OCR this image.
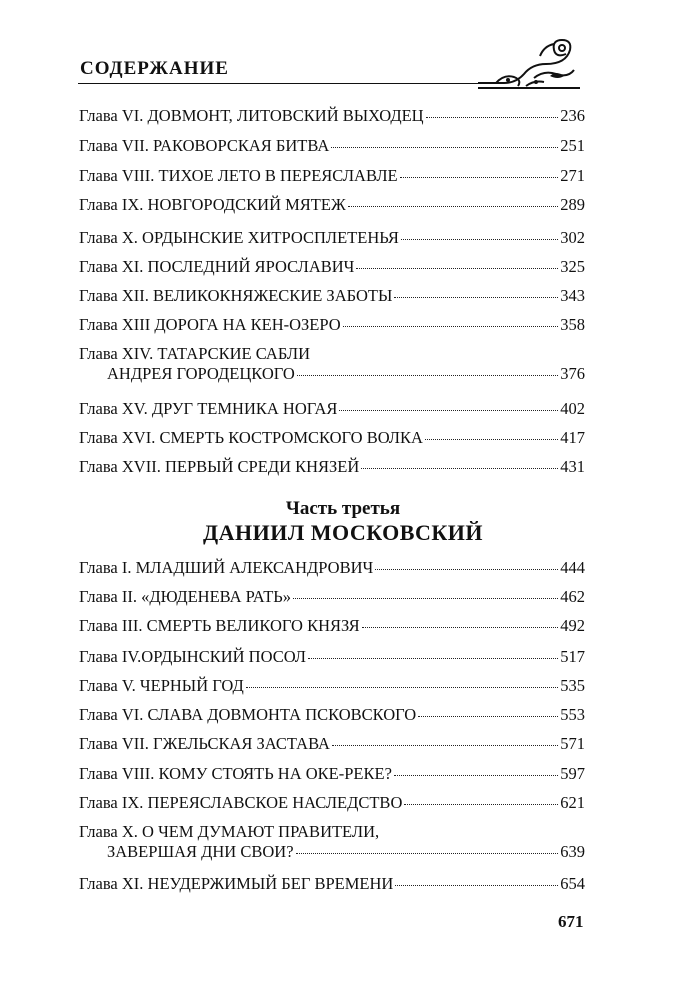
СОДЕРЖАНИЕ
Глава VI. ДОВМОНТ, ЛИТОВСКИЙ ВЫХОДЕЦ	236
Глава VII. РАКОВОРСКАЯ БИТВА	251
Глава VIII. ТИХОЕ ЛЕТО В ПЕРЕЯСЛАВЛЕ	271
Глава IX. НОВГОРОДСКИЙ МЯТЕЖ	289
Глава X. ОРДЫНСКИЕ ХИТРОСПЛЕТЕНЬЯ	302
Глава XI. ПОСЛЕДНИЙ ЯРОСЛАВИЧ	325
Глава XII. ВЕЛИКОКНЯЖЕСКИЕ ЗАБОТЫ	343
Глава XIII ДОРОГА НА КЕН-ОЗЕРО	358
Глава XIV. ТАТАРСКИЕ САБЛИ
АНДРЕЯ ГОРОДЕЦКОГО	376
Глава XV. ДРУГ ТЕМНИКА НОГАЯ	402
Глава XVI. СМЕРТЬ КОСТРОМСКОГО ВОЛКА	417
Глава XVII. ПЕРВЫЙ СРЕДИ КНЯЗЕЙ	431
Часть третья
ДАНИИЛ МОСКОВСКИЙ
Глава I. МЛАДШИЙ АЛЕКСАНДРОВИЧ	444
Глава II. «ДЮДЕНЕВА РАТЬ»	462
Глава III. СМЕРТЬ ВЕЛИКОГО КНЯЗЯ	492
Глава IV.ОРДЫНСКИЙ ПОСОЛ	517
Глава V. ЧЕРНЫЙ ГОД	535
Глава VI. СЛАВА ДОВМОНТА ПСКОВСКОГО	553
Глава VII. ГЖЕЛЬСКАЯ ЗАСТАВА	571
Глава VIII. КОМУ СТОЯТЬ НА ОКЕ-РЕКЕ?	597
Глава IX. ПЕРЕЯСЛАВСКОЕ НАСЛЕДСТВО	621
Глава X. О ЧЕМ ДУМАЮТ ПРАВИТЕЛИ,
ЗАВЕРШАЯ ДНИ СВОИ?	639
Глава XI. НЕУДЕРЖИМЫЙ БЕГ ВРЕМЕНИ	654
671
